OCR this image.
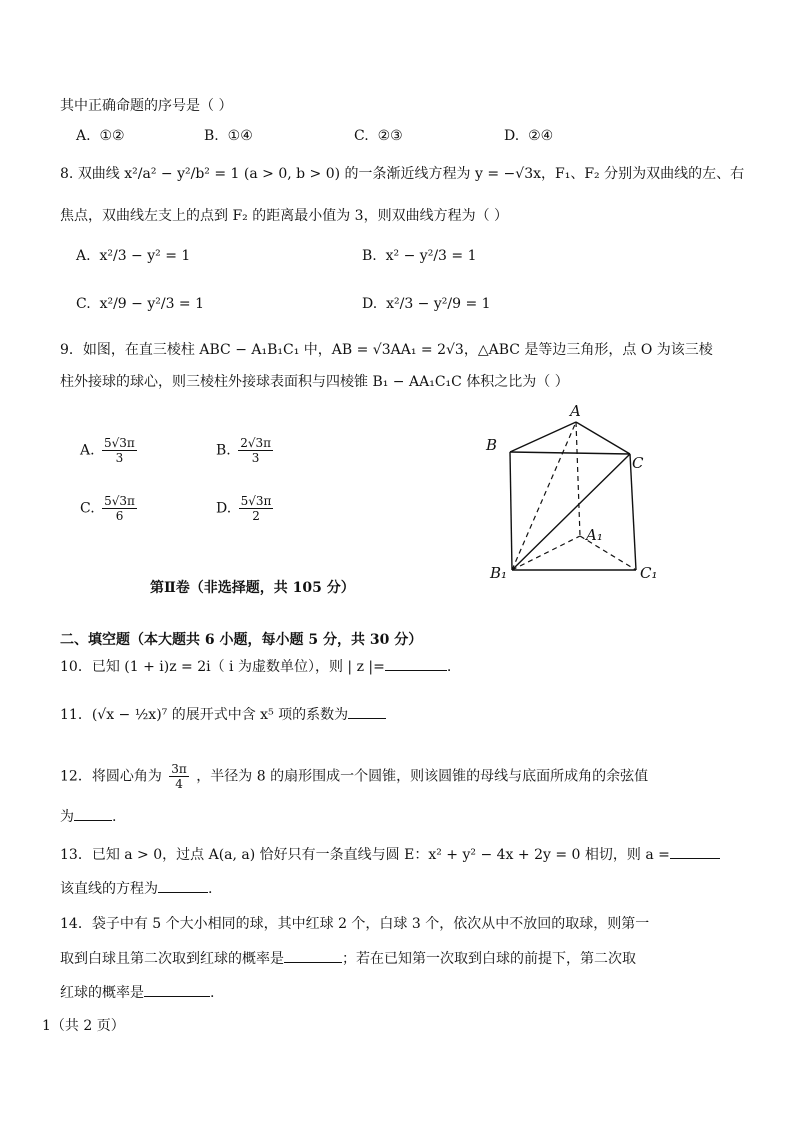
其中正确命题的序号是（ ）
A. ①②	B. ①④	C. ②③	D. ②④
8. 双曲线 x²/a² − y²/b² = 1 (a > 0, b > 0) 的一条渐近线方程为 y = −√3x，F₁、F₂ 分别为双曲线的左、右
焦点，双曲线左支上的点到 F₂ 的距离最小值为 3，则双曲线方程为（ ）
A. x²/3 − y² = 1	B. x² − y²/3 = 1
C. x²/9 − y²/3 = 1	D. x²/3 − y²/9 = 1
9．如图，在直三棱柱 ABC − A₁B₁C₁ 中，AB = √3AA₁ = 2√3，△ABC 是等边三角形，点 O 为该三棱
柱外接球的球心，则三棱柱外接球表面积与四棱锥 B₁ − AA₁C₁C 体积之比为（ ）
A. $\frac{5√3\pi}{3}$	B. $\frac{2√3\pi}{3}$
C. $\frac{5√3\pi}{6}$	D. $\frac{5√3\pi}{2}$
A
B
C
A₁
B₁	C₁
第Ⅱ卷（非选择题，共 105 分）
二、填空题（本大题共 6 小题，每小题 5 分，共 30 分）
10．已知 (1 + i)z = 2i（ i 为虚数单位），则 | z |=	.
11．(√x − ½x)⁷ 的展开式中含 x⁵ 项的系数为
12．将圆心角为 $\frac{3\pi}{4}$ ，半径为 8 的扇形围成一个圆锥，则该圆锥的母线与底面所成角的余弦值
为	.
13．已知 a > 0，过点 A(a, a) 恰好只有一条直线与圆 E：x² + y² − 4x + 2y = 0 相切，则 a =
该直线的方程为	.
14．袋子中有 5 个大小相同的球，其中红球 2 个，白球 3 个，依次从中不放回的取球，则第一
取到白球且第二次取到红球的概率是	；若在已知第一次取到白球的前提下，第二次取
红球的概率是	.
1（共 2 页）
